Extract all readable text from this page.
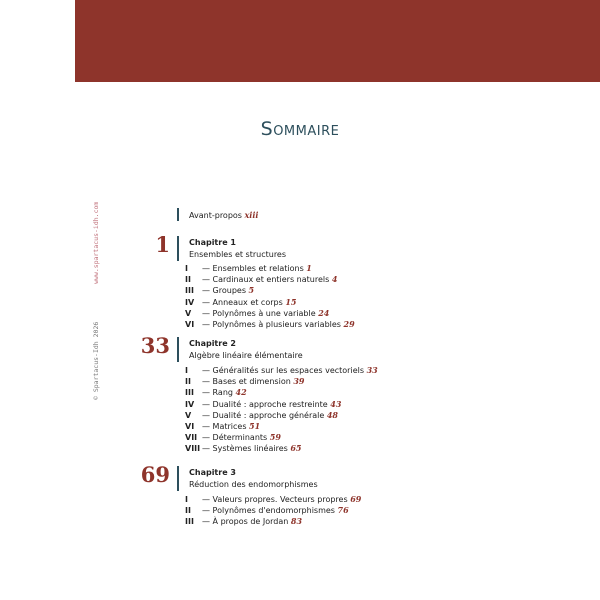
Sommaire
© Spartacus-Idh 2026  www.spartacus-idh.com	Avant-propos xiii
1 Chapitre 1
Ensembles et structures
I — Ensembles et relations 1
II — Cardinaux et entiers naturels 4
III — Groupes 5
IV — Anneaux et corps 15
V — Polynômes à une variable 24
VI — Polynômes à plusieurs variables 29
33 Chapitre 2
Algèbre linéaire élémentaire
I — Généralités sur les espaces vectoriels 33
II — Bases et dimension 39
III — Rang 42
IV — Dualité : approche restreinte 43
V — Dualité : approche générale 48
VI — Matrices 51
VII — Déterminants 59
VIII — Systèmes linéaires 65
69 Chapitre 3
Réduction des endomorphismes
I — Valeurs propres. Vecteurs propres 69
II — Polynômes d'endomorphismes 76
III — À propos de Jordan 83
